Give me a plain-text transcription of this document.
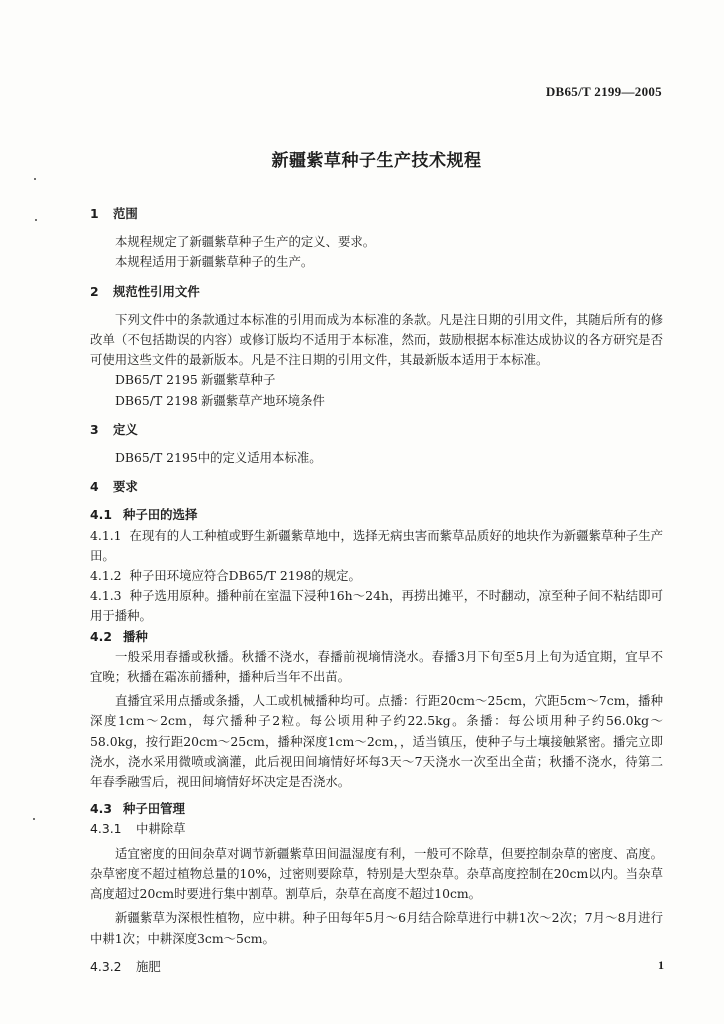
DB65/T 2199—2005
新疆紫草种子生产技术规程
1 范围
本规程规定了新疆紫草种子生产的定义、要求。
本规程适用于新疆紫草种子的生产。
2 规范性引用文件
下列文件中的条款通过本标准的引用而成为本标准的条款。凡是注日期的引用文件，其随后所有的修改单（不包括勘误的内容）或修订版均不适用于本标准，然而，鼓励根据本标准达成协议的各方研究是否可使用这些文件的最新版本。凡是不注日期的引用文件，其最新版本适用于本标准。
DB65/T 2195 新疆紫草种子
DB65/T 2198 新疆紫草产地环境条件
3 定义
DB65/T 2195中的定义适用本标准。
4 要求
4.1 种子田的选择
4.1.1 在现有的人工种植或野生新疆紫草地中，选择无病虫害而紫草品质好的地块作为新疆紫草种子生产田。
4.1.2 种子田环境应符合DB65/T 2198的规定。
4.1.3 种子选用原种。播种前在室温下浸种16h～24h，再捞出摊平，不时翻动，凉至种子间不粘结即可用于播种。
4.2 播种
一般采用春播或秋播。秋播不浇水，春播前视墒情浇水。春播3月下旬至5月上旬为适宜期，宜早不宜晚；秋播在霜冻前播种，播种后当年不出苗。
直播宜采用点播或条播，人工或机械播种均可。点播：行距20cm～25cm，穴距5cm～7cm，播种深度1cm～2cm，每穴播种子2粒。每公顷用种子约22.5kg。条播：每公顷用种子约56.0kg～58.0kg，按行距20cm～25cm，播种深度1cm～2cm，，适当镇压，使种子与土壤接触紧密。播完立即浇水，浇水采用微喷或滴灌，此后视田间墒情好坏每3天～7天浇水一次至出全苗；秋播不浇水，待第二年春季融雪后，视田间墒情好坏决定是否浇水。
4.3 种子田管理
4.3.1 中耕除草
适宜密度的田间杂草对调节新疆紫草田间温湿度有利，一般可不除草，但要控制杂草的密度、高度。杂草密度不超过植物总量的10%，过密则要除草，特别是大型杂草。杂草高度控制在20cm以内。当杂草高度超过20cm时要进行集中割草。割草后，杂草在高度不超过10cm。
新疆紫草为深根性植物，应中耕。种子田每年5月～6月结合除草进行中耕1次～2次；7月～8月进行中耕1次；中耕深度3cm～5cm。
4.3.2 施肥	1
